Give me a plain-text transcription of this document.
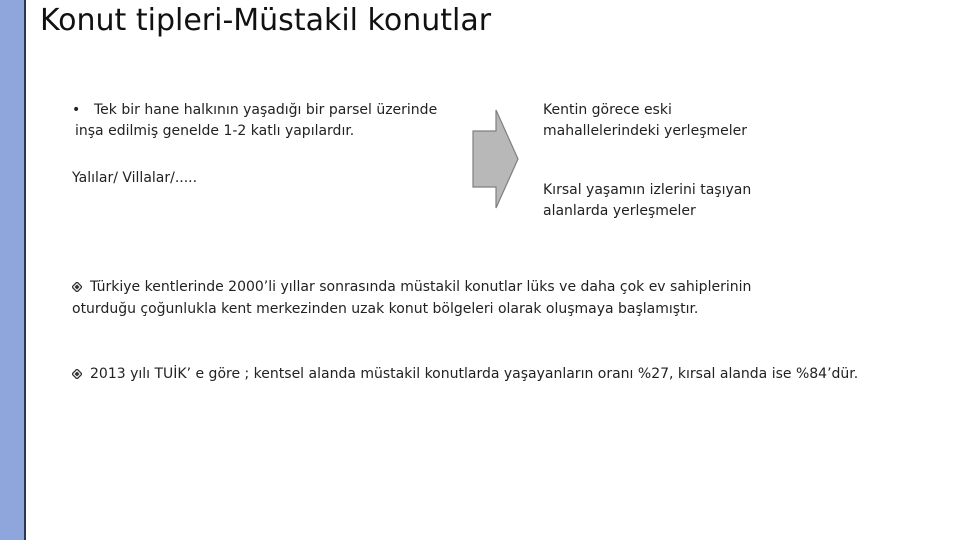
Konut tipleri-Müstakil konutlar
• Tek bir hane halkının yaşadığı bir parsel üzerinde
inşa edilmiş genelde 1-2 katlı yapılardır.
Yalılar/ Villalar/.....
Kentin görece eski
mahallelerindeki yerleşmeler
Kırsal yaşamın izlerini taşıyan
alanlarda yerleşmeler
Türkiye kentlerinde 2000’li yıllar sonrasında müstakil konutlar lüks ve daha çok ev sahiplerinin
oturduğu çoğunlukla kent merkezinden uzak konut bölgeleri olarak oluşmaya başlamıştır.
2013 yılı TUİK’ e göre ; kentsel alanda müstakil konutlarda yaşayanların oranı %27, kırsal alanda ise %84’dür.
